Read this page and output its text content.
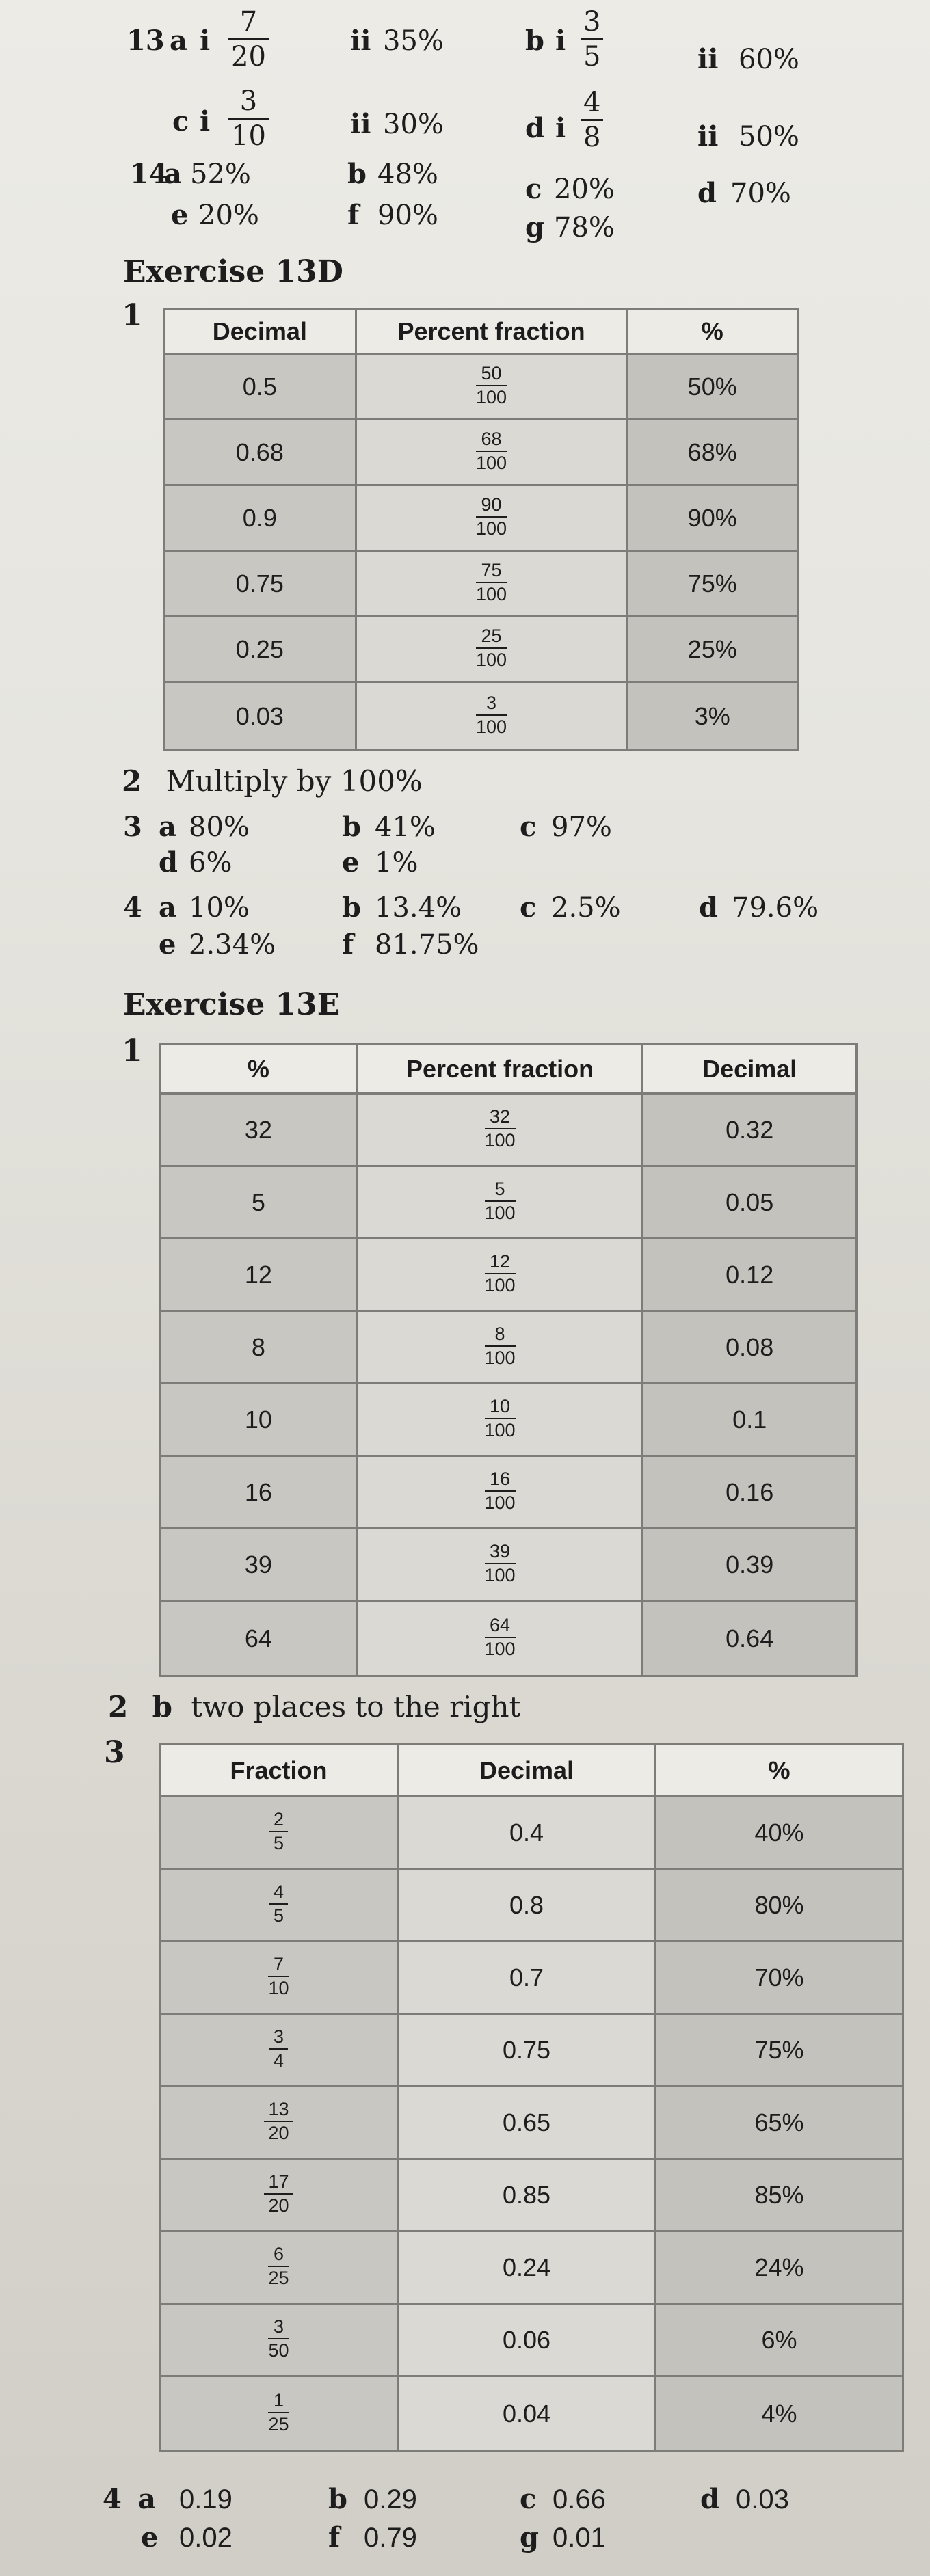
13 a i $\frac{7}{20}$	ii 35%	b i $\frac{3}{5}$	ii 60%
c i $\frac{3}{10}$	ii 30%	d i $\frac{4}{8}$	ii 50%
14
a 52%	b 48%	c 20%	d 70%
e 20%	f 90%	g 78%
Exercise 13D
1	Decimal	Percent fraction	%
0.5	$\frac{50}{100}$	50%
0.68	$\frac{68}{100}$	68%
0.9	$\frac{90}{100}$	90%
0.75	$\frac{75}{100}$	75%
0.25	$\frac{25}{100}$	25%
0.03	$\frac{3}{100}$	3%
2 Multiply by 100%
3 a 80%	b 41%	c 97%
d 6%	e 1%
4 a 10%	b 13.4% c 2.5%	d 79.6%
e 2.34% f 81.75%
Exercise 13E
1	%	Percent fraction	Decimal
32	$\frac{32}{100}$	0.32
5	$\frac{5}{100}$	0.05
12	$\frac{12}{100}$	0.12
8	$\frac{8}{100}$	0.08
10	$\frac{10}{100}$	0.1
16	$\frac{16}{100}$	0.16
39	$\frac{39}{100}$	0.39
64	$\frac{64}{100}$	0.64
2 b two places to the right
3	Fraction	Decimal	%

$\frac{2}{5}$	0.4	40%

$\frac{4}{5}$	0.8	80%

$\frac{7}{10}$	0.7	70%

$\frac{3}{4}$	0.75	75%

$\frac{13}{20}$	0.65	65%

$\frac{17}{20}$	0.85	85%

$\frac{6}{25}$	0.24	24%

$\frac{3}{50}$	0.06	6%

$\frac{1}{25}$	0.04	4%
4 a 0.19	b 0.29	c 0.66	d 0.03
e 0.02	f 0.79	g 0.01
